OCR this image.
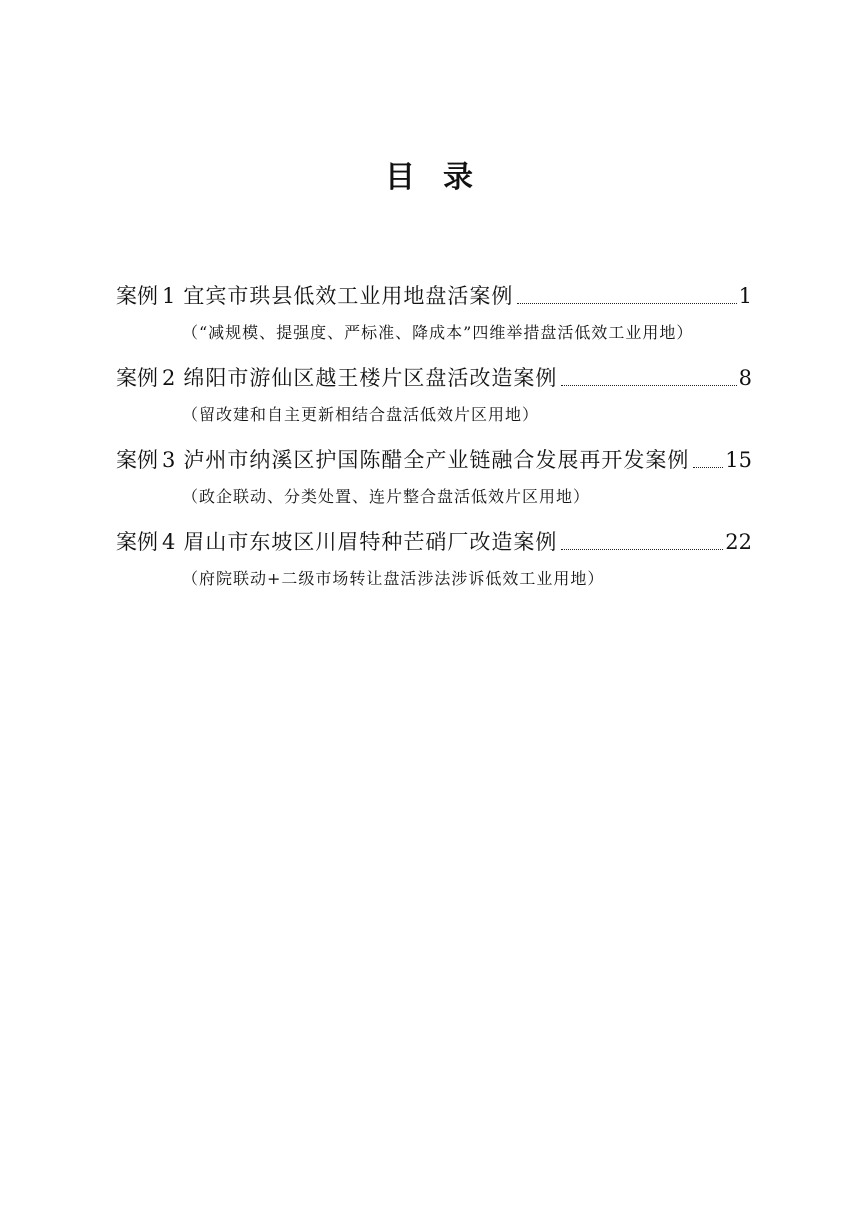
目 录
案例 1 宜宾市珙县低效工业用地盘活案例	1
（“减规模、提强度、严标准、降成本”四维举措盘活低效工业用地）
案例 2 绵阳市游仙区越王楼片区盘活改造案例	8
（留改建和自主更新相结合盘活低效片区用地）
案例 3 泸州市纳溪区护国陈醋全产业链融合发展再开发案例 15
（政企联动、分类处置、连片整合盘活低效片区用地）
案例 4 眉山市东坡区川眉特种芒硝厂改造案例	22
（府院联动+二级市场转让盘活涉法涉诉低效工业用地）
